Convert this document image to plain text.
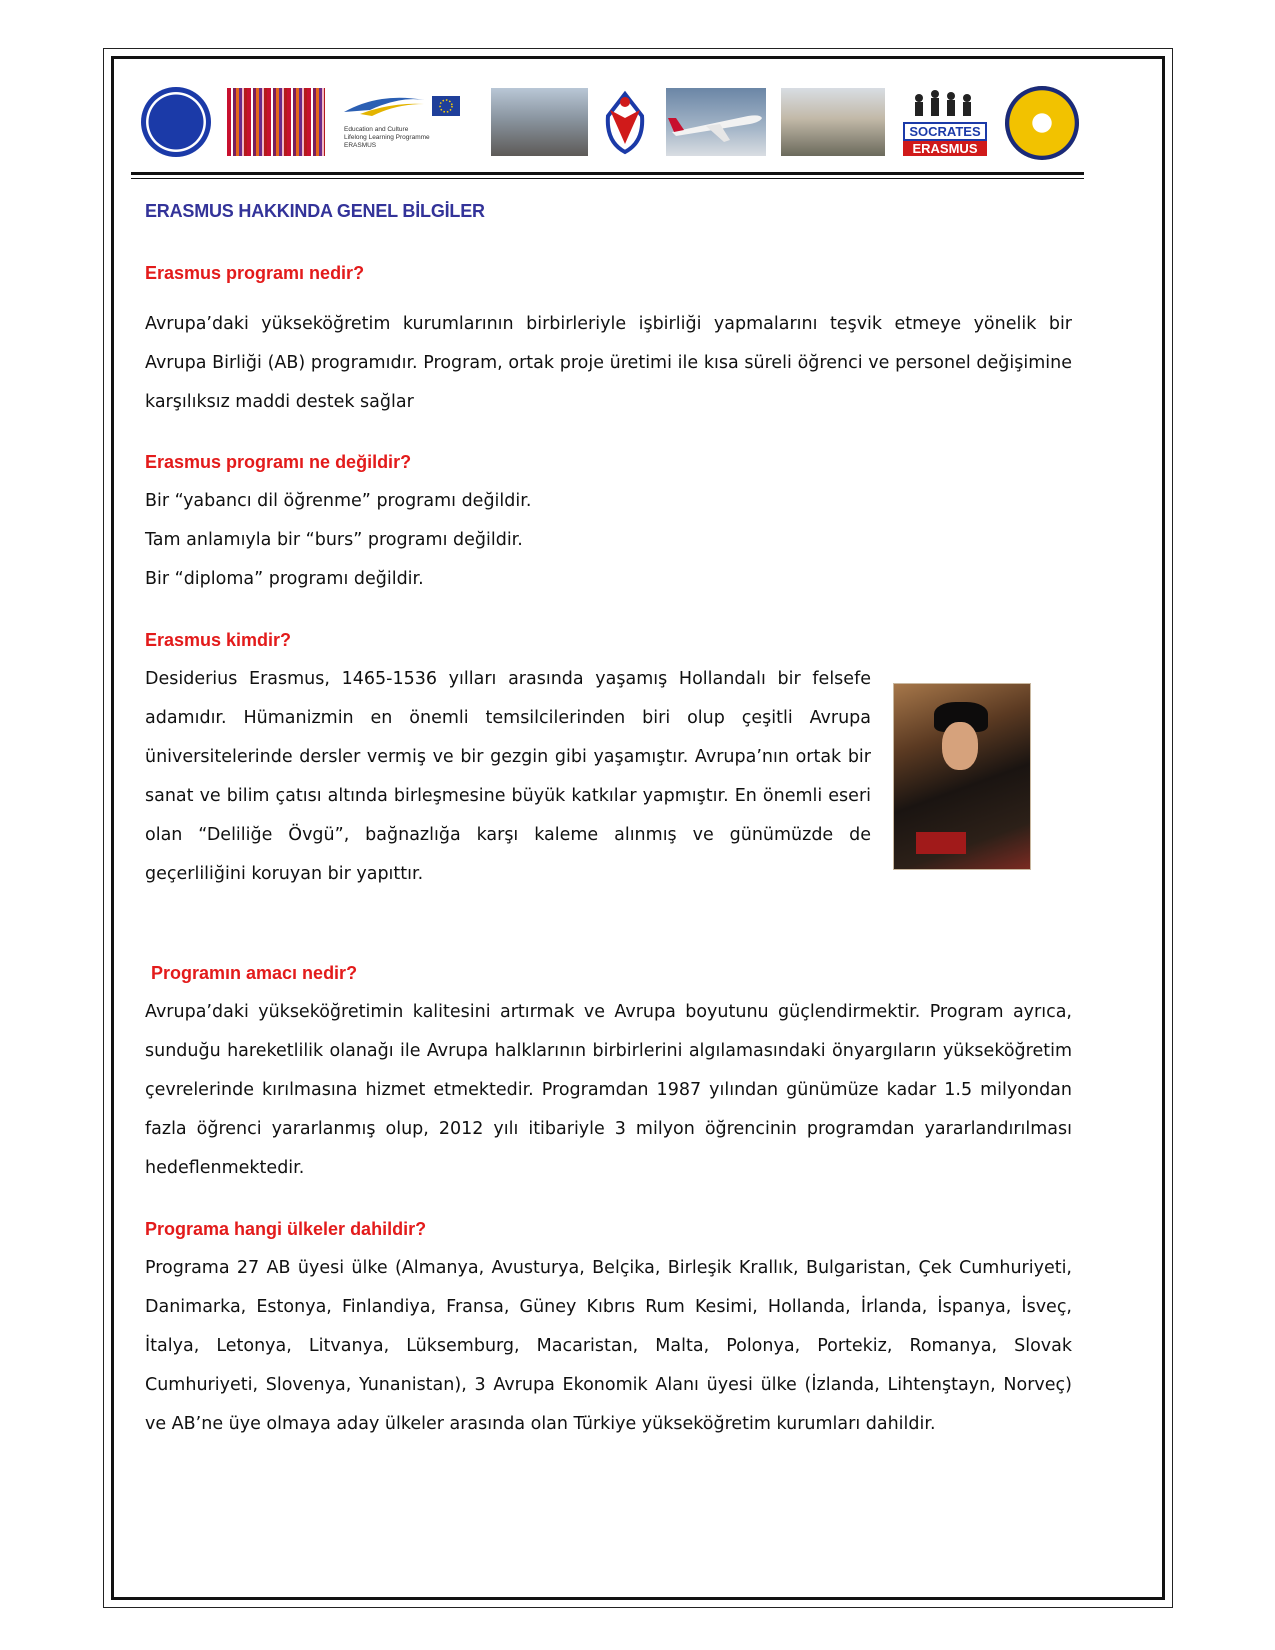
Education and Culture
Lifelong Learning Programme
ERASMUS
SOCRATES
ERASMUS
ERASMUS HAKKINDA GENEL BİLGİLER
Erasmus programı nedir?

Avrupa’daki yükseköğretim kurumlarının birbirleriyle işbirliği yapmalarını teşvik etmeye yönelik bir Avrupa Birliği (AB) programıdır. Program, ortak proje üretimi ile kısa süreli öğrenci ve personel değişimine karşılıksız maddi destek sağlar

Erasmus programı ne değildir?
Bir “yabancı dil öğrenme” programı değildir.
Tam anlamıyla bir “burs” programı değildir.
Bir “diploma” programı değildir.
Erasmus kimdir?

Desiderius Erasmus, 1465-1536 yılları arasında yaşamış Hollandalı bir felsefe adamıdır. Hümanizmin en önemli temsilcilerinden biri olup çeşitli Avrupa üniversitelerinde dersler vermiş ve bir gezgin gibi yaşamıştır. Avrupa’nın ortak bir sanat ve bilim çatısı altında birleşmesine büyük katkılar yapmıştır. En önemli eseri olan “Deliliğe Övgü”, bağnazlığa karşı kaleme alınmış ve günümüzde de geçerliliğini koruyan bir yapıttır.

Programın amacı nedir?

Avrupa’daki yükseköğretimin kalitesini artırmak ve Avrupa boyutunu güçlendirmektir. Program ayrıca, sunduğu hareketlilik olanağı ile Avrupa halklarının birbirlerini algılamasındaki önyargıların yükseköğretim çevrelerinde kırılmasına hizmet etmektedir. Programdan 1987 yılından günümüze kadar 1.5 milyondan fazla öğrenci yararlanmış olup, 2012 yılı itibariyle 3 milyon öğrencinin programdan yararlandırılması hedeflenmektedir.

Programa hangi ülkeler dahildir?

Programa 27 AB üyesi ülke (Almanya, Avusturya, Belçika, Birleşik Krallık, Bulgaristan, Çek Cumhuriyeti, Danimarka, Estonya, Finlandiya, Fransa, Güney Kıbrıs Rum Kesimi, Hollanda, İrlanda, İspanya, İsveç, İtalya, Letonya, Litvanya, Lüksemburg, Macaristan, Malta, Polonya, Portekiz, Romanya, Slovak Cumhuriyeti, Slovenya, Yunanistan), 3 Avrupa Ekonomik Alanı üyesi ülke (İzlanda, Lihtenştayn, Norveç) ve AB’ne üye olmaya aday ülkeler arasında olan Türkiye yükseköğretim kurumları dahildir.
